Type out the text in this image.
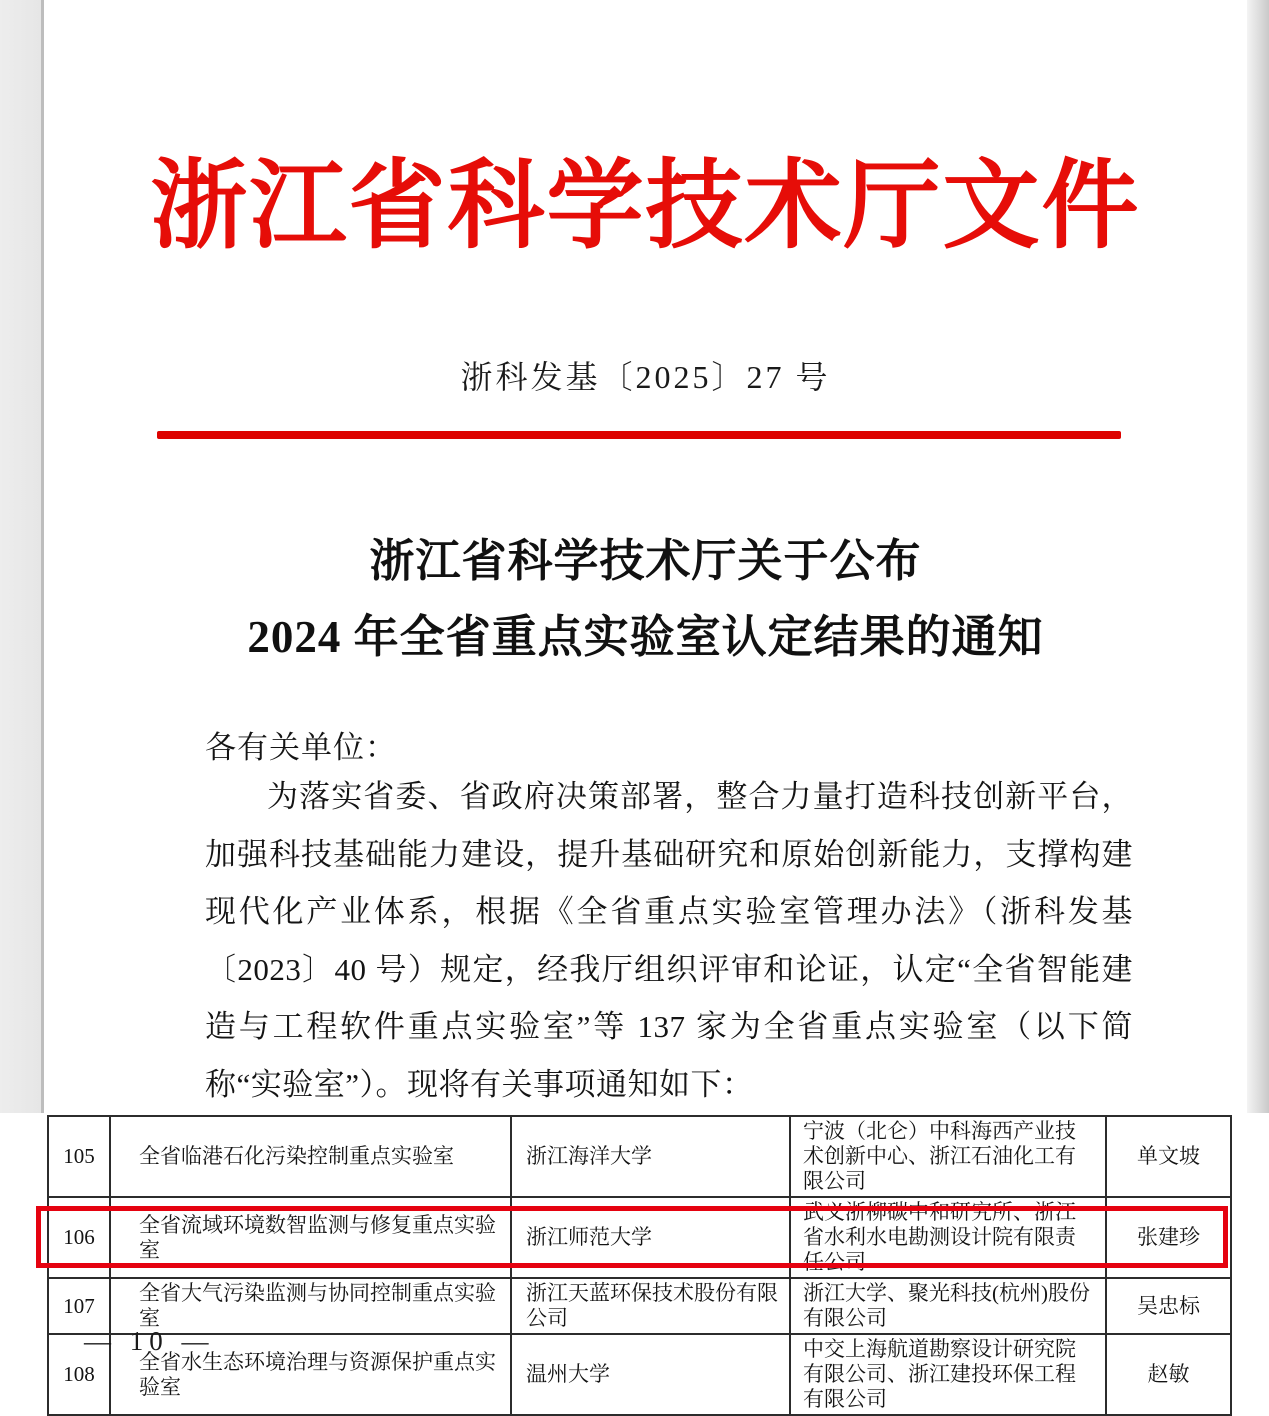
浙江省科学技术厅文件
浙科发基〔2025〕27 号
浙江省科学技术厅关于公布
2024 年全省重点实验室认定结果的通知
各有关单位：
为落实省委、省政府决策部署，整合力量打造科技创新平台，加强科技基础能力建设，提升基础研究和原始创新能力，支撑构建现代化产业体系，根据《全省重点实验室管理办法》（浙科发基〔2023〕40 号）规定，经我厅组织评审和论证，认定“全省智能建造与工程软件重点实验室”等 137 家为全省重点实验室（以下简称“实验室”）。现将有关事项通知如下：
105	全省临港石化污染控制重点实验室	浙江海洋大学	宁波（北仑）中科海西产业技术创新中心、浙江石油化工有限公司	单文坡
106	全省流域环境数智监测与修复重点实验室	浙江师范大学	武义浙柳碳中和研究所、浙江省水利水电勘测设计院有限责任公司	张建珍
107	全省大气污染监测与协同控制重点实验室	浙江天蓝环保技术股份有限公司	浙江大学、聚光科技(杭州)股份有限公司	吴忠标
108	全省水生态环境治理与资源保护重点实验室	温州大学	中交上海航道勘察设计研究院有限公司、浙江建投环保工程有限公司	赵敏
— 10 —
